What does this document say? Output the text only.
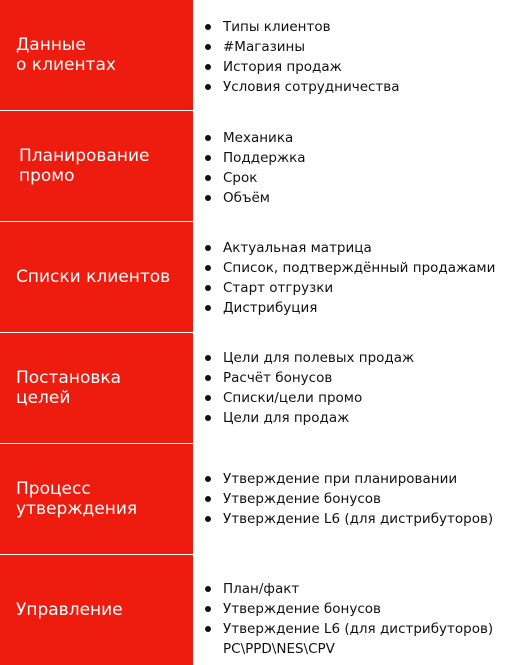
Данные
о клиентах
Типы клиентов
#Магазины
История продаж
Условия сотрудничества
Планирование
промо
Механика
Поддержка
Срок
Объём
Списки клиентов
Актуальная матрица
Список, подтверждённый продажами
Старт отгрузки
Дистрибуция
Постановка
целей
Цели для полевых продаж
Расчёт бонусов
Списки/цели промо
Цели для продаж
Процесс
утверждения
Утверждение при планировании
Утверждение бонусов
Утверждение L6 (для дистрибуторов)
Управление
План/факт
Утверждение бонусов
Утверждение L6 (для дистрибуторов)
PC\PPD\NES\CPV
